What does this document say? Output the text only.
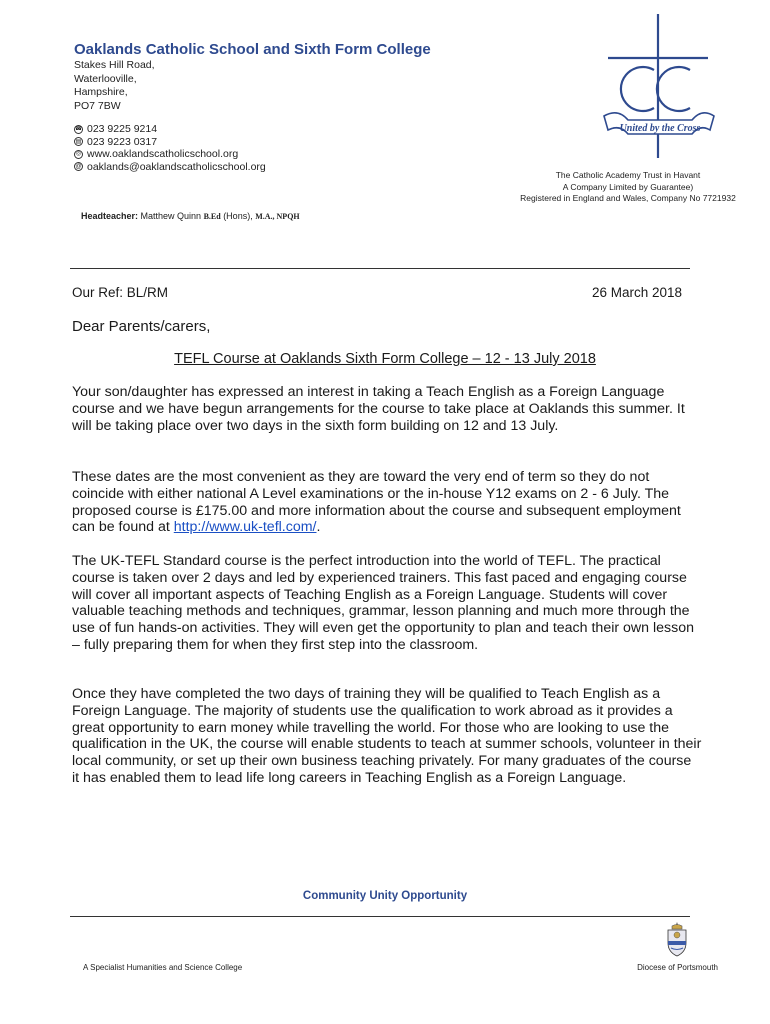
Oaklands Catholic School and Sixth Form College
Stakes Hill Road,
Waterlooville,
Hampshire,
PO7 7BW
☎ 023 9225 9214
▤ 023 9223 0317
◎ www.oaklandscatholicschool.org
@ oaklands@oaklandscatholicschool.org
United by the Cross
The Catholic Academy Trust in Havant
A Company Limited by Guarantee)
Registered in England and Wales, Company No 7721932
Headteacher: Matthew Quinn B.Ed (Hons), M.A., NPQH
Our Ref: BL/RM	26 March 2018
Dear Parents/carers,
TEFL Course at Oaklands Sixth Form College – 12 - 13 July 2018
Your son/daughter has expressed an interest in taking a Teach English as a Foreign Language course and we have begun arrangements for the course to take place at Oaklands this summer. It will be taking place over two days in the sixth form building on 12 and 13 July.
These dates are the most convenient as they are toward the very end of term so they do not coincide with either national A Level examinations or the in-house Y12 exams on 2 - 6 July. The proposed course is £175.00 and more information about the course and subsequent employment can be found at http://www.uk-tefl.com/.
The UK-TEFL Standard course is the perfect introduction into the world of TEFL. The practical course is taken over 2 days and led by experienced trainers. This fast paced and engaging course will cover all important aspects of Teaching English as a Foreign Language. Students will cover valuable teaching methods and techniques, grammar, lesson planning and much more through the use of fun hands-on activities. They will even get the opportunity to plan and teach their own lesson – fully preparing them for when they first step into the classroom.
Once they have completed the two days of training they will be qualified to Teach English as a Foreign Language. The majority of students use the qualification to work abroad as it provides a great opportunity to earn money while travelling the world. For those who are looking to use the qualification in the UK, the course will enable students to teach at summer schools, volunteer in their local community, or set up their own business teaching privately. For many graduates of the course it has enabled them to lead life long careers in Teaching English as a Foreign Language.
Community Unity Opportunity
A Specialist Humanities and Science College	Diocese of Portsmouth
